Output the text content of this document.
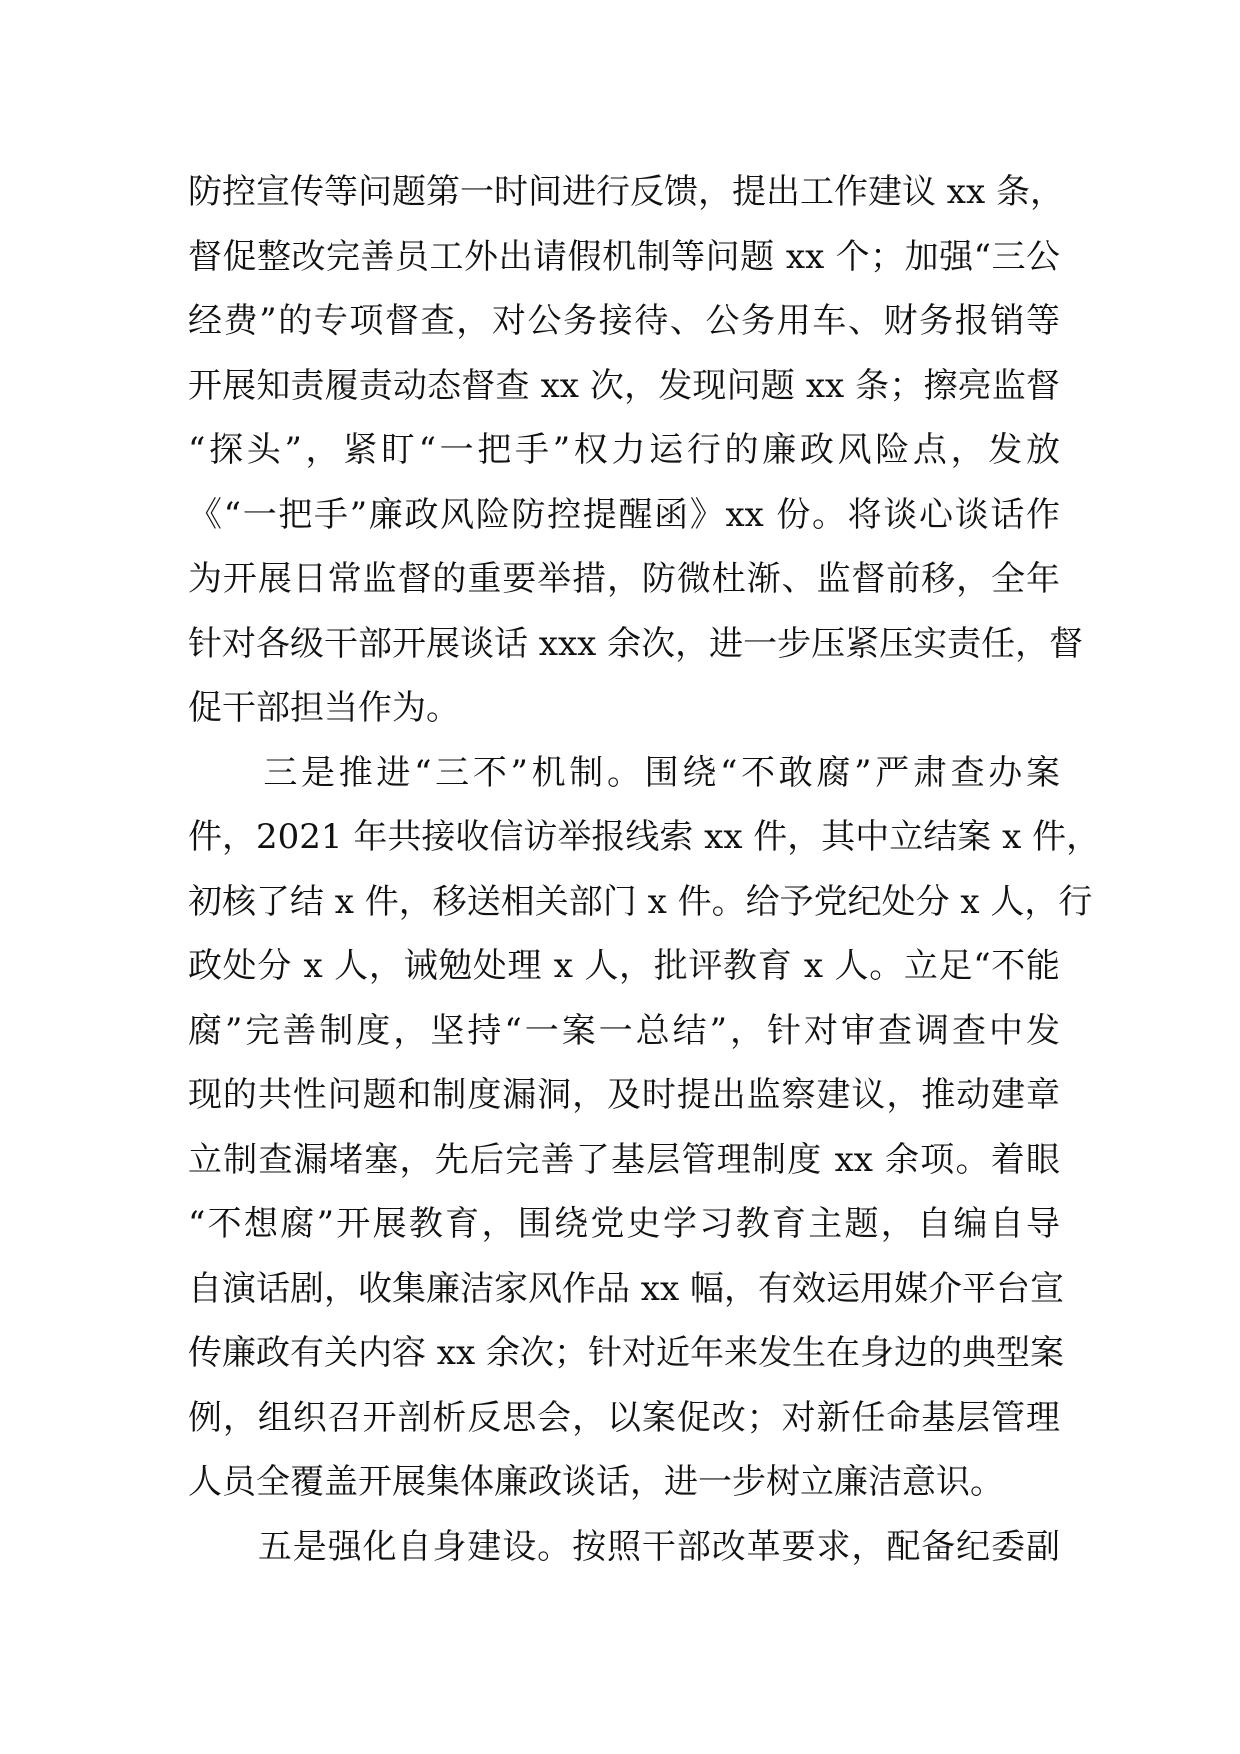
防控宣传等问题第一时间进行反馈，提出工作建议 xx 条，
督促整改完善员工外出请假机制等问题 xx 个；加强“三公
经费”的专项督查，对公务接待、公务用车、财务报销等
开展知责履责动态督查 xx 次，发现问题 xx 条；擦亮监督
“探头”，紧盯“一把手”权力运行的廉政风险点，发放
《“一把手”廉政风险防控提醒函》xx 份。将谈心谈话作
为开展日常监督的重要举措，防微杜渐、监督前移，全年
针对各级干部开展谈话 xxx 余次，进一步压紧压实责任，督
促干部担当作为。
　　三是推进“三不”机制。围绕“不敢腐”严肃查办案
件，2021 年共接收信访举报线索 xx 件，其中立结案 x 件，
初核了结 x 件，移送相关部门 x 件。给予党纪处分 x 人，行
政处分 x 人，诫勉处理 x 人，批评教育 x 人。立足“不能
腐”完善制度，坚持“一案一总结”，针对审查调查中发
现的共性问题和制度漏洞，及时提出监察建议，推动建章
立制查漏堵塞，先后完善了基层管理制度 xx 余项。着眼
“不想腐”开展教育，围绕党史学习教育主题，自编自导
自演话剧，收集廉洁家风作品 xx 幅，有效运用媒介平台宣
传廉政有关内容 xx 余次；针对近年来发生在身边的典型案
例，组织召开剖析反思会，以案促改；对新任命基层管理
人员全覆盖开展集体廉政谈话，进一步树立廉洁意识。
　　五是强化自身建设。按照干部改革要求，配备纪委副
